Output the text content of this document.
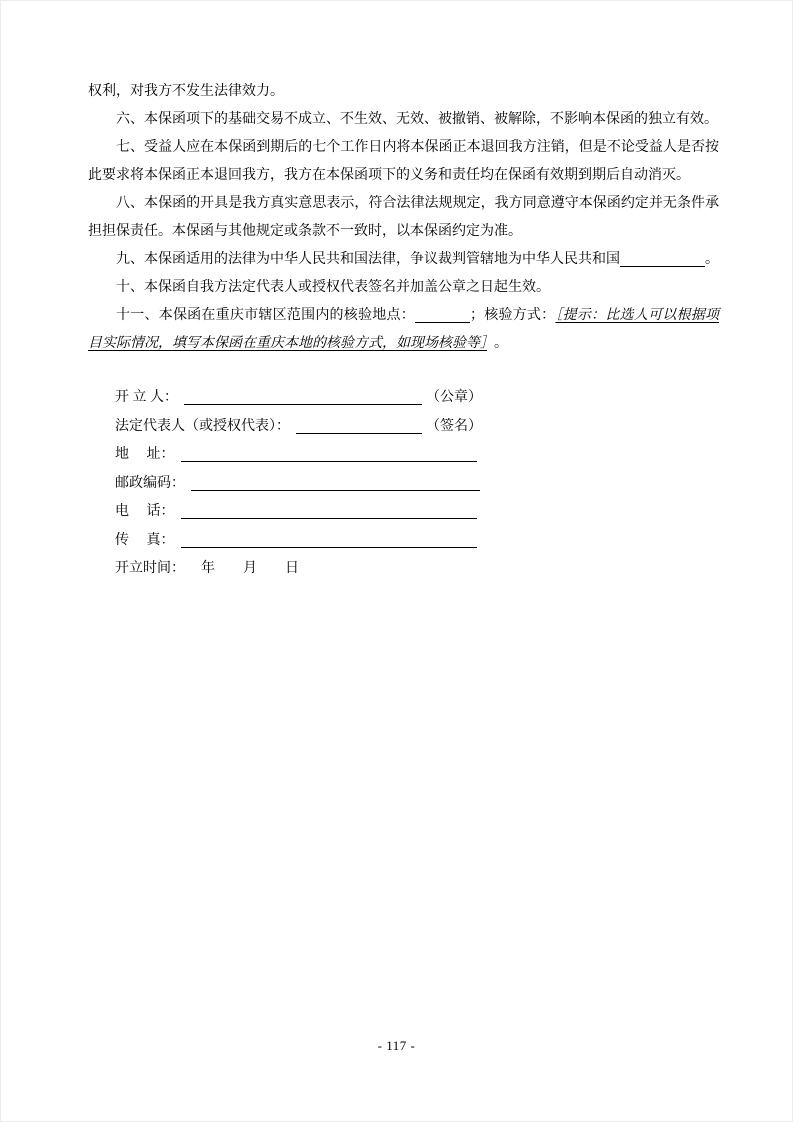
权利，对我方不发生法律效力。

六、本保函项下的基础交易不成立、不生效、无效、被撤销、被解除，不影响本保函的独立有效。

七、受益人应在本保函到期后的七个工作日内将本保函正本退回我方注销，但是不论受益人是否按此要求将本保函正本退回我方，我方在本保函项下的义务和责任均在保函有效期到期后自动消灭。

八、本保函的开具是我方真实意思表示，符合法律法规规定，我方同意遵守本保函约定并无条件承担担保责任。本保函与其他规定或条款不一致时，以本保函约定为准。

九、本保函适用的法律为中华人民共和国法律，争议裁判管辖地为中华人民共和国	。

十、本保函自我方法定代表人或授权代表签名并加盖公章之日起生效。

十一、本保函在重庆市辖区范围内的核验地点：	；核验方式：［提示：比选人可以根据项目实际情况，填写本保函在重庆本地的核验方式，如现场核验等］ 。

开 立 人：	（公章）
法定代表人（或授权代表）：	（签名）
地　 址：
邮政编码：
电　 话：
传　 真：
开立时间： 年 月 日
- 117 -
